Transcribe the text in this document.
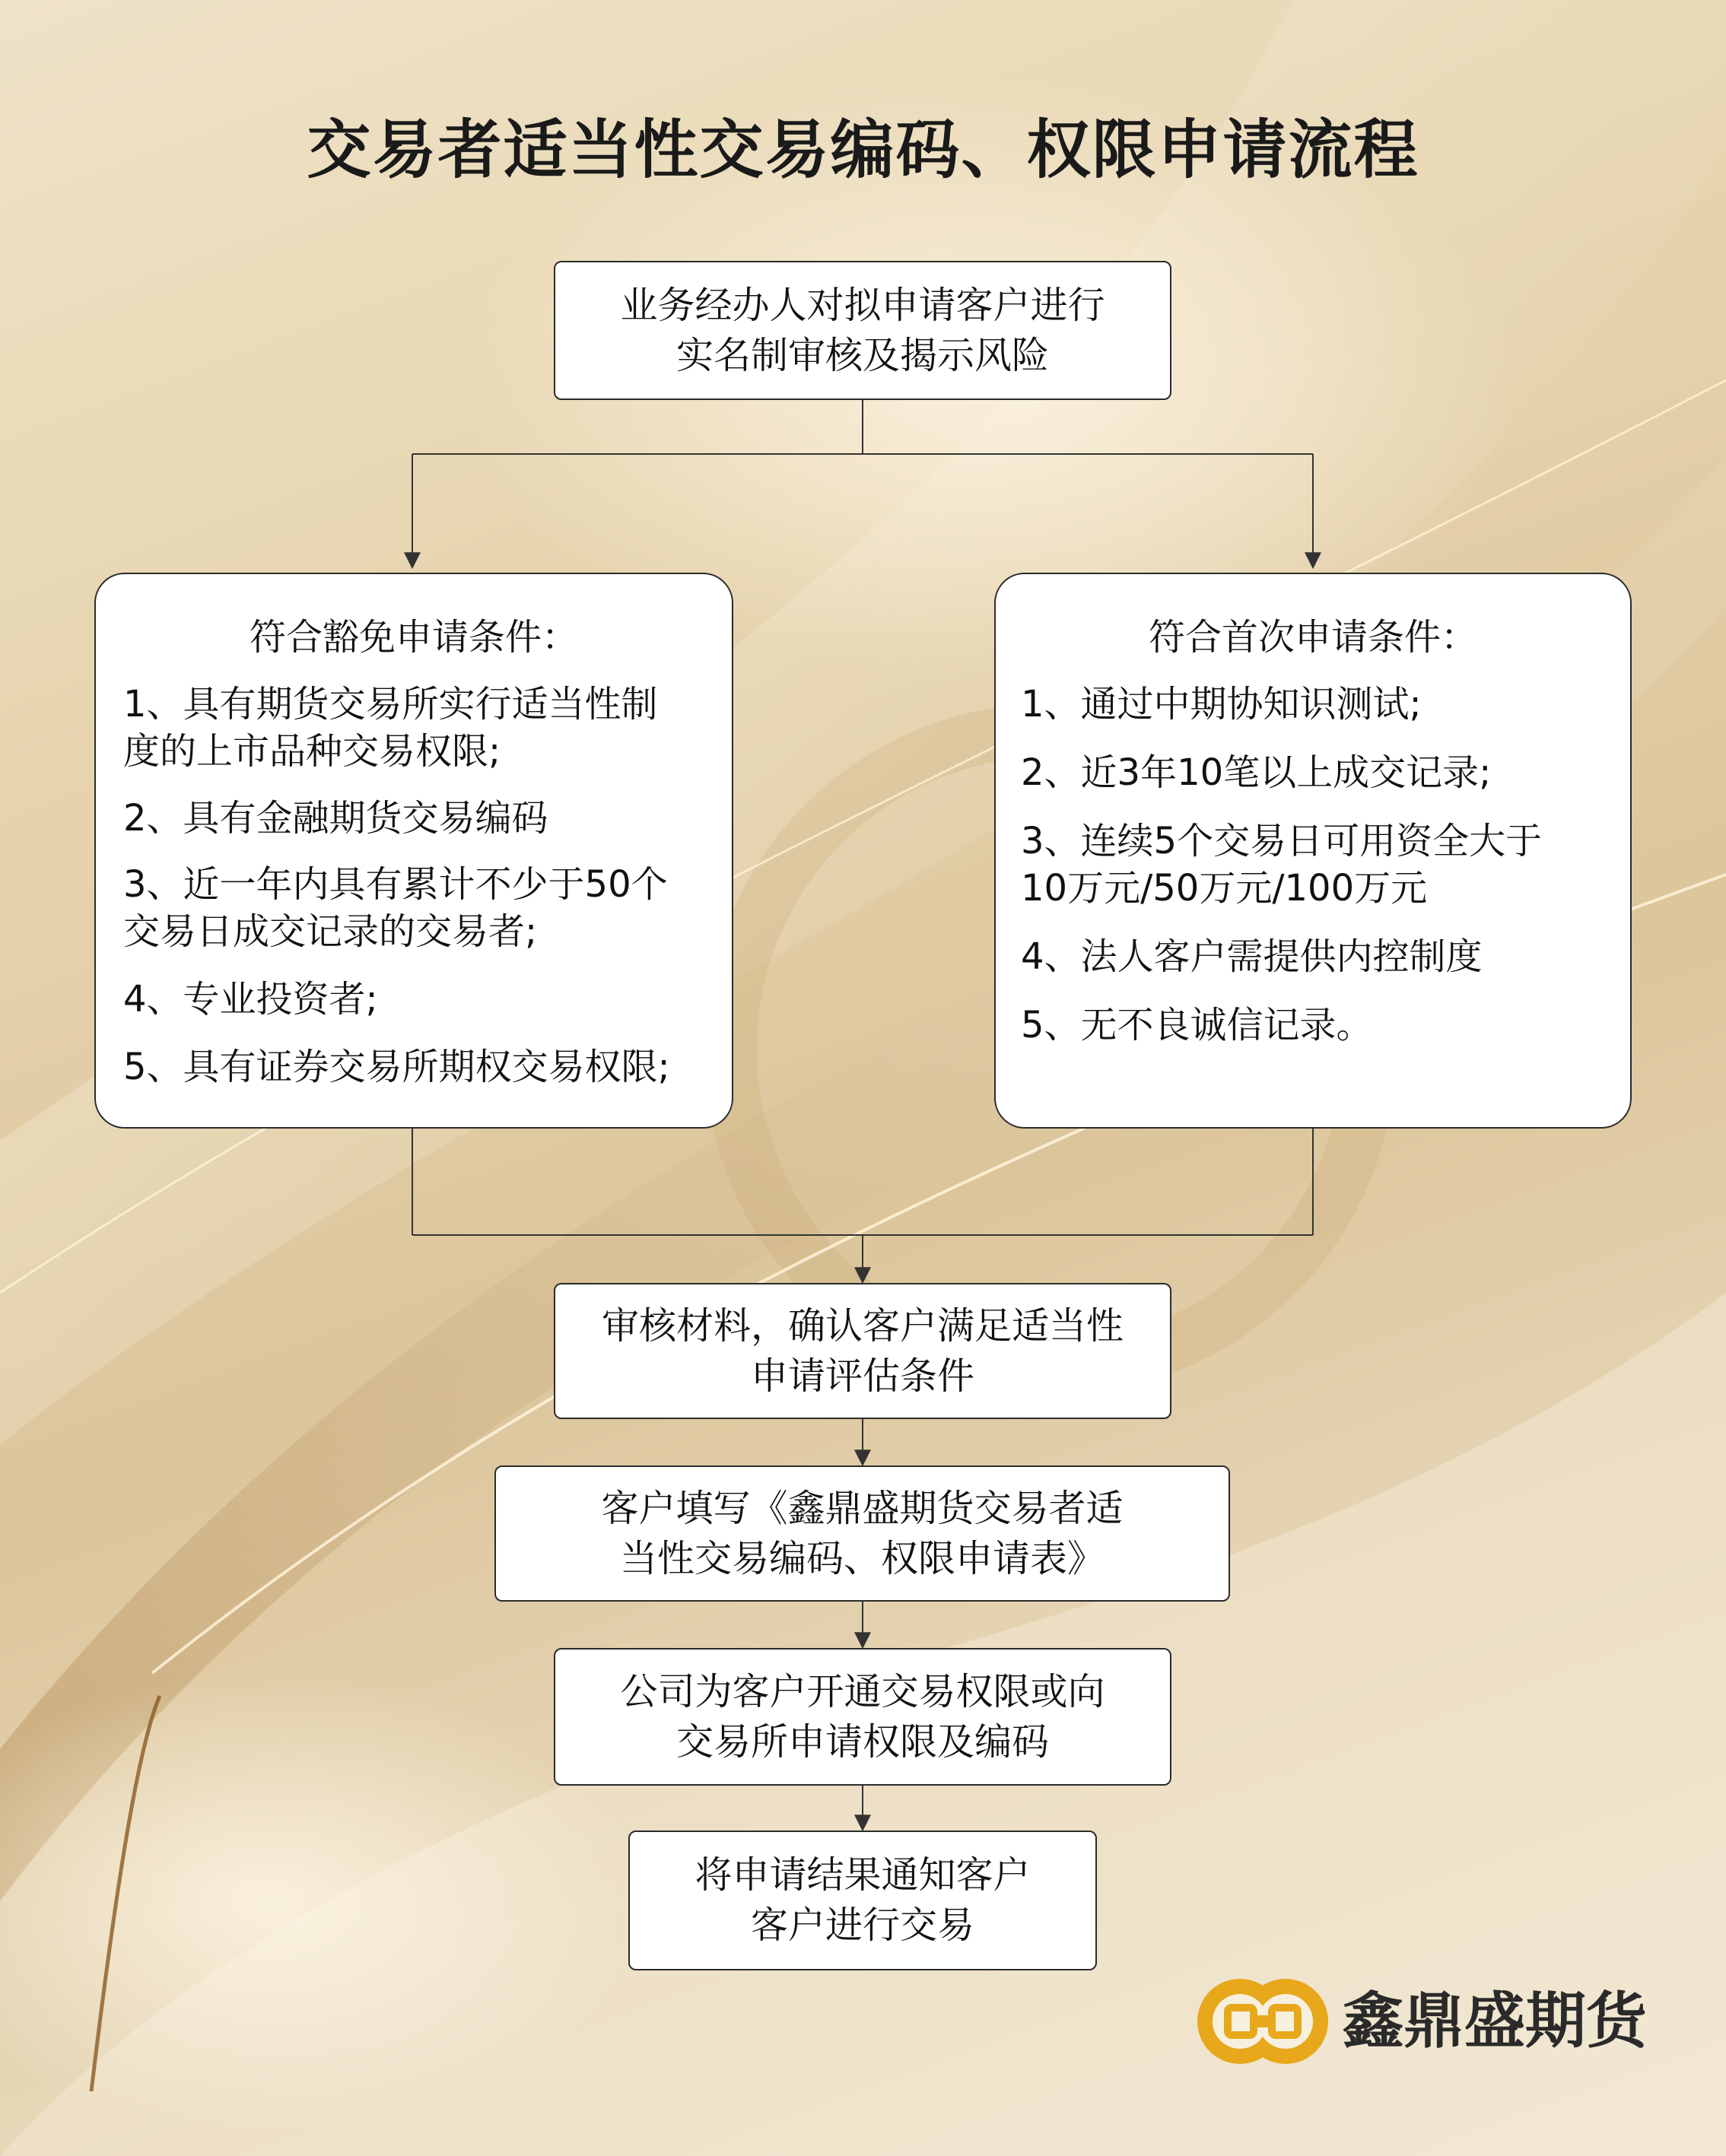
交易者适当性交易编码、权限申请流程
业务经办人对拟申请客户进行
实名制审核及揭示风险
符合豁免申请条件：
1、具有期货交易所实行适当性制
度的上市品种交易权限;
2、具有金融期货交易编码
3、近一年内具有累计不少于50个
交易日成交记录的交易者;
4、专业投资者;
5、具有证券交易所期权交易权限;
符合首次申请条件：
1、通过中期协知识测试;
2、近3年10笔以上成交记录;
3、连续5个交易日可用资全大于
10万元/50万元/100万元
4、法人客户需提供内控制度
5、无不良诚信记录。
审核材料，确认客户满足适当性
申请评估条件
客户填写《鑫鼎盛期货交易者适
当性交易编码、权限申请表》
公司为客户开通交易权限或向
交易所申请权限及编码
将申请结果通知客户
客户进行交易
鑫鼎盛期货
